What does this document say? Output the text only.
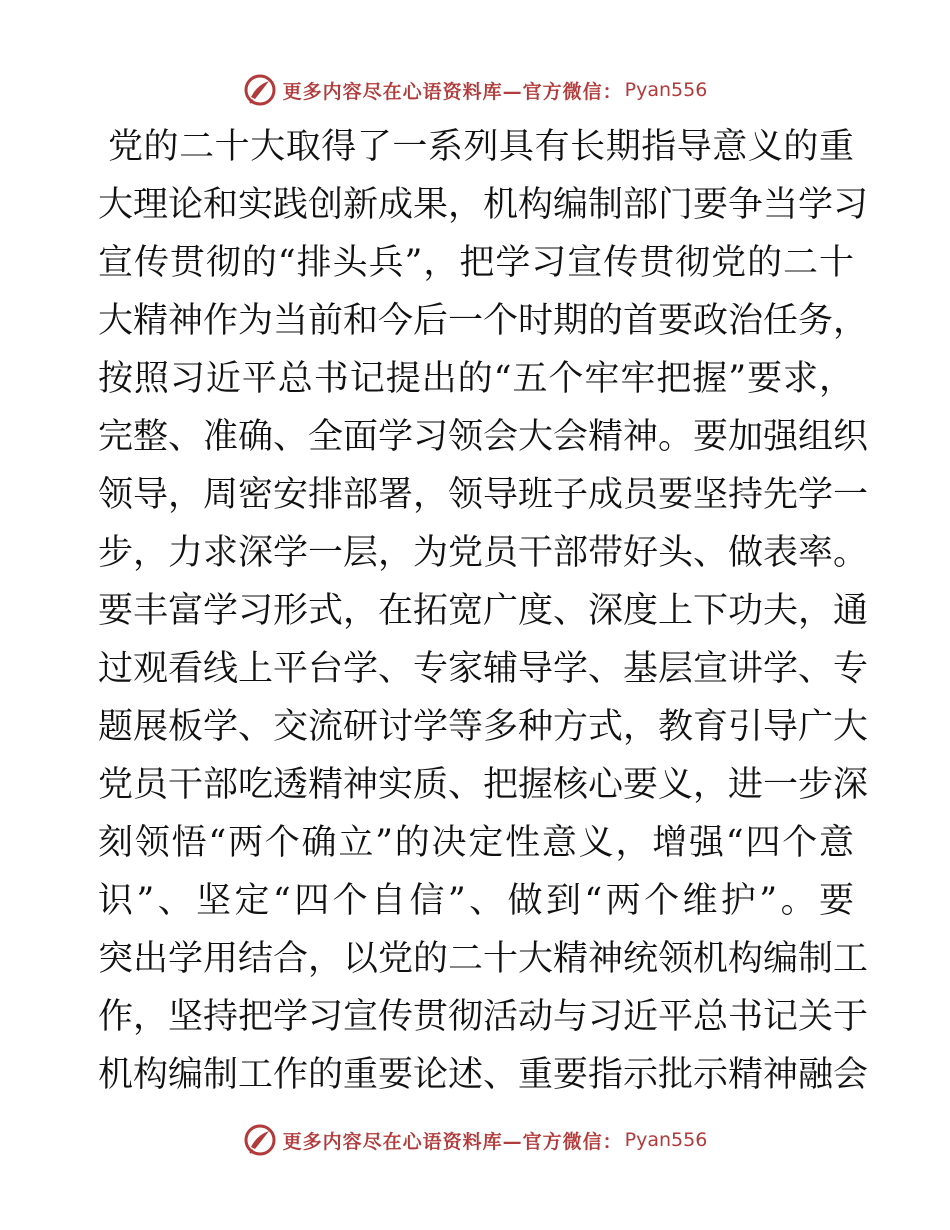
更多内容尽在心语资料库—官方微信： Pyan556
党的二十大取得了一系列具有长期指导意义的重
大理论和实践创新成果，机构编制部门要争当学习
宣传贯彻的“排头兵”，把学习宣传贯彻党的二十
大精神作为当前和今后一个时期的首要政治任务，
按照习近平总书记提出的“五个牢牢把握”要求，
完整、准确、全面学习领会大会精神。要加强组织
领导，周密安排部署，领导班子成员要坚持先学一
步，力求深学一层，为党员干部带好头、做表率。
要丰富学习形式，在拓宽广度、深度上下功夫，通
过观看线上平台学、专家辅导学、基层宣讲学、专
题展板学、交流研讨学等多种方式，教育引导广大
党员干部吃透精神实质、把握核心要义，进一步深
刻领悟“两个确立”的决定性意义，增强“四个意
识”、坚定“四个自信”、做到“两个维护”。要
突出学用结合，以党的二十大精神统领机构编制工
作，坚持把学习宣传贯彻活动与习近平总书记关于
机构编制工作的重要论述、重要指示批示精神融会
更多内容尽在心语资料库—官方微信： Pyan556
